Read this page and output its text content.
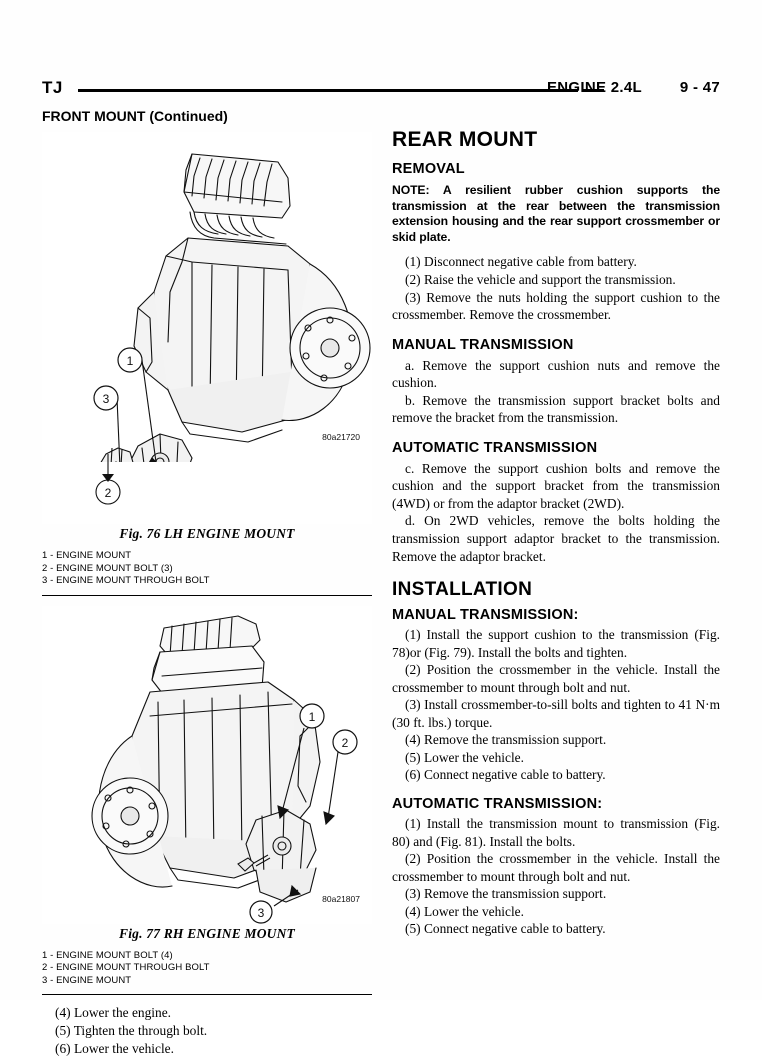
TJ	ENGINE 2.4L	9 - 47
FRONT MOUNT (Continued)
1
3
2
80a21720
Fig. 76 LH ENGINE MOUNT
1 - ENGINE MOUNT
2 - ENGINE MOUNT BOLT (3)
3 - ENGINE MOUNT THROUGH BOLT
1
2
3
80a21807
Fig. 77 RH ENGINE MOUNT
1 - ENGINE MOUNT BOLT (4)
2 - ENGINE MOUNT THROUGH BOLT
3 - ENGINE MOUNT

(4) Lower the engine.

(5) Tighten the through bolt.

(6) Lower the vehicle.

REAR MOUNT
REMOVAL

NOTE: A resilient rubber cushion supports the transmission at the rear between the transmission extension housing and the rear support crossmember or skid plate.

(1) Disconnect negative cable from battery.

(2) Raise the vehicle and support the transmission.

(3) Remove the nuts holding the support cushion to the crossmember. Remove the crossmember.

MANUAL TRANSMISSION

a. Remove the support cushion nuts and remove the cushion.

b. Remove the transmission support bracket bolts and remove the bracket from the transmission.

AUTOMATIC TRANSMISSION

c. Remove the support cushion bolts and remove the cushion and the support bracket from the transmission (4WD) or from the adaptor bracket (2WD).

d. On 2WD vehicles, remove the bolts holding the transmission support adaptor bracket to the transmission. Remove the adaptor bracket.

INSTALLATION
MANUAL TRANSMISSION:

(1) Install the support cushion to the transmission (Fig. 78)or (Fig. 79). Install the bolts and tighten.

(2) Position the crossmember in the vehicle. Install the crossmember to mount through bolt and nut.

(3) Install crossmember-to-sill bolts and tighten to 41 N·m (30 ft. lbs.) torque.

(4) Remove the transmission support.

(5) Lower the vehicle.

(6) Connect negative cable to battery.

AUTOMATIC TRANSMISSION:

(1) Install the transmission mount to transmission (Fig. 80) and (Fig. 81). Install the bolts.

(2) Position the crossmember in the vehicle. Install the crossmember to mount through bolt and nut.

(3) Remove the transmission support.

(4) Lower the vehicle.

(5) Connect negative cable to battery.
